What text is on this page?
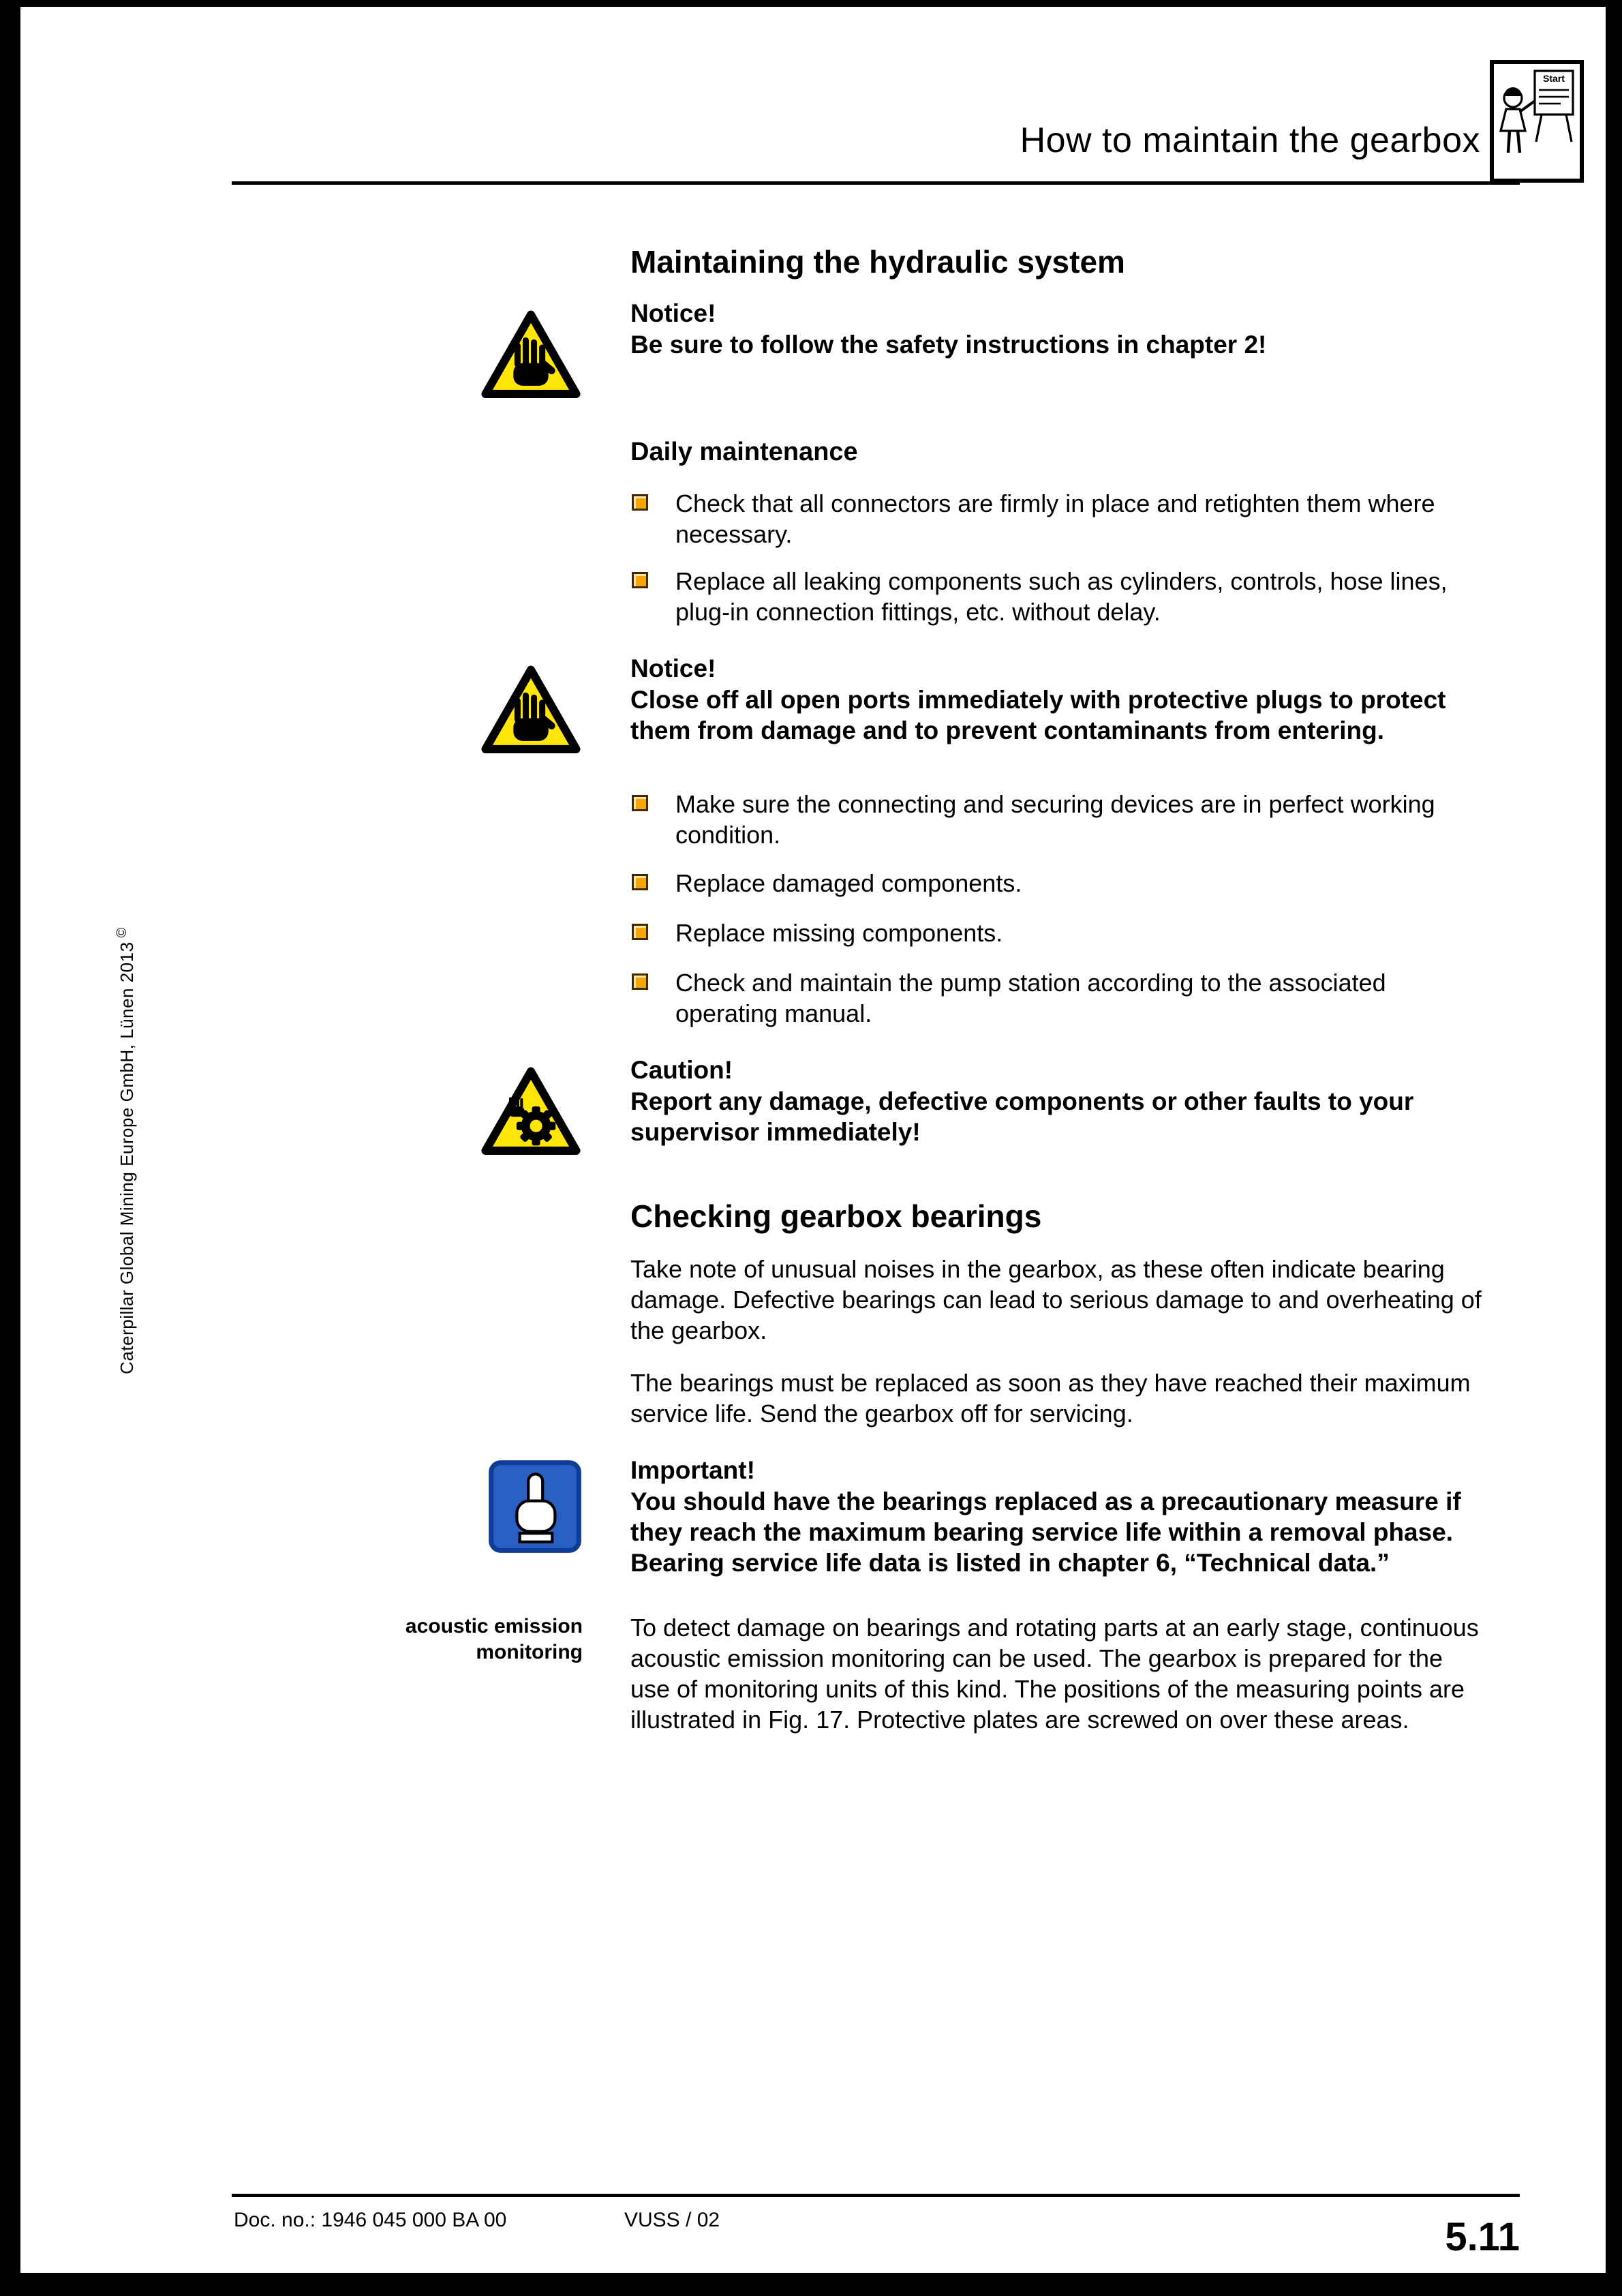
How to maintain the gearbox
Start
Caterpillar Global Mining Europe GmbH, Lünen 2013©
Maintaining the hydraulic system
Notice!
Be sure to follow the safety instructions in chapter 2!
Daily maintenance
Check that all connectors are firmly in place and retighten them where necessary.
Replace all leaking components such as cylinders, controls, hose lines, plug-in connection fittings, etc. without delay.
Notice!
Close off all open ports immediately with protective plugs to protect them from damage and to prevent contaminants from entering.
Make sure the connecting and securing devices are in perfect working condition.
Replace damaged components.
Replace missing components.
Check and maintain the pump station according to the associated operating manual.
Caution!
Report any damage, defective components or other faults to your supervisor immediately!
Checking gearbox bearings

Take note of unusual noises in the gearbox, as these often indicate bearing damage. Defective bearings can lead to serious damage to and overheating of the gearbox.

The bearings must be replaced as soon as they have reached their maximum service life. Send the gearbox off for servicing.

Important!
You should have the bearings replaced as a precautionary measure if they reach the maximum bearing service life within a removal phase. Bearing service life data is listed in chapter 6, “Technical data.”
acoustic emission
monitoring

To detect damage on bearings and rotating parts at an early stage, continuous acoustic emission monitoring can be used. The gearbox is prepared for the use of monitoring units of this kind. The positions of the measuring points are illustrated in Fig. 17. Protective plates are screwed on over these areas.

Doc. no.: 1946 045 000 BA 00	VUSS / 02	5.11
